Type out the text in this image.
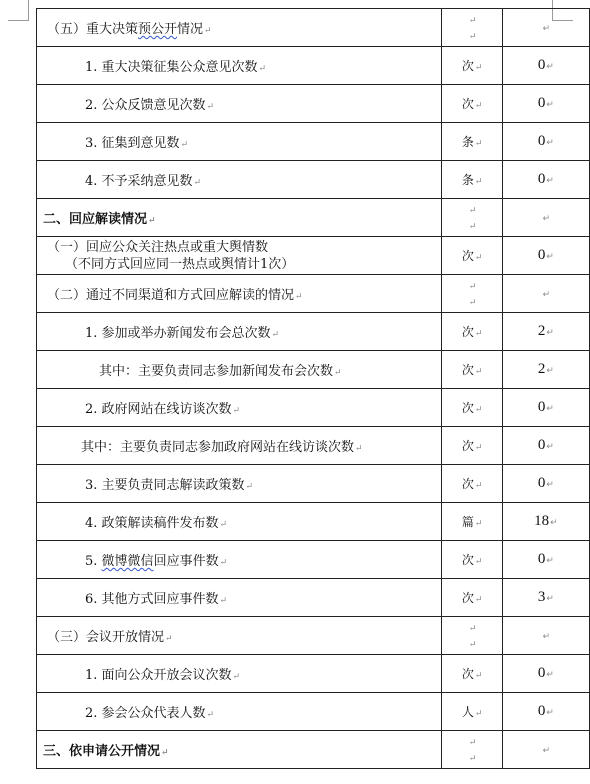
（五）重大决策预公开情况↵	↵
↵	↵
1. 重大决策征集公众意见次数↵	次↵	0↵
2. 公众反馈意见次数↵	次↵	0↵
3. 征集到意见数↵	条↵	0↵
4. 不予采纳意见数↵	条↵	0↵
二、回应解读情况↵	↵
↵	↵

（一）回应公众关注热点或重大舆情数
（不同方式回应同一热点或舆情计1次）	次↵	0↵
（二）通过不同渠道和方式回应解读的情况↵	↵
↵	↵
1. 参加或举办新闻发布会总次数↵	次↵	2↵
其中：主要负责同志参加新闻发布会次数↵	次↵	2↵
2. 政府网站在线访谈次数↵	次↵	0↵
其中：主要负责同志参加政府网站在线访谈次数↵	次↵	0↵
3. 主要负责同志解读政策数↵	次↵	0↵
4. 政策解读稿件发布数↵	篇↵	18↵
5. 微博微信回应事件数↵	次↵	0↵
6. 其他方式回应事件数↵	次↵	3↵
（三）会议开放情况↵	↵
↵	↵
1. 面向公众开放会议次数↵	次↵	0↵
2. 参会公众代表人数↵	人↵	0↵
三、依申请公开情况↵	↵
↵	↵
